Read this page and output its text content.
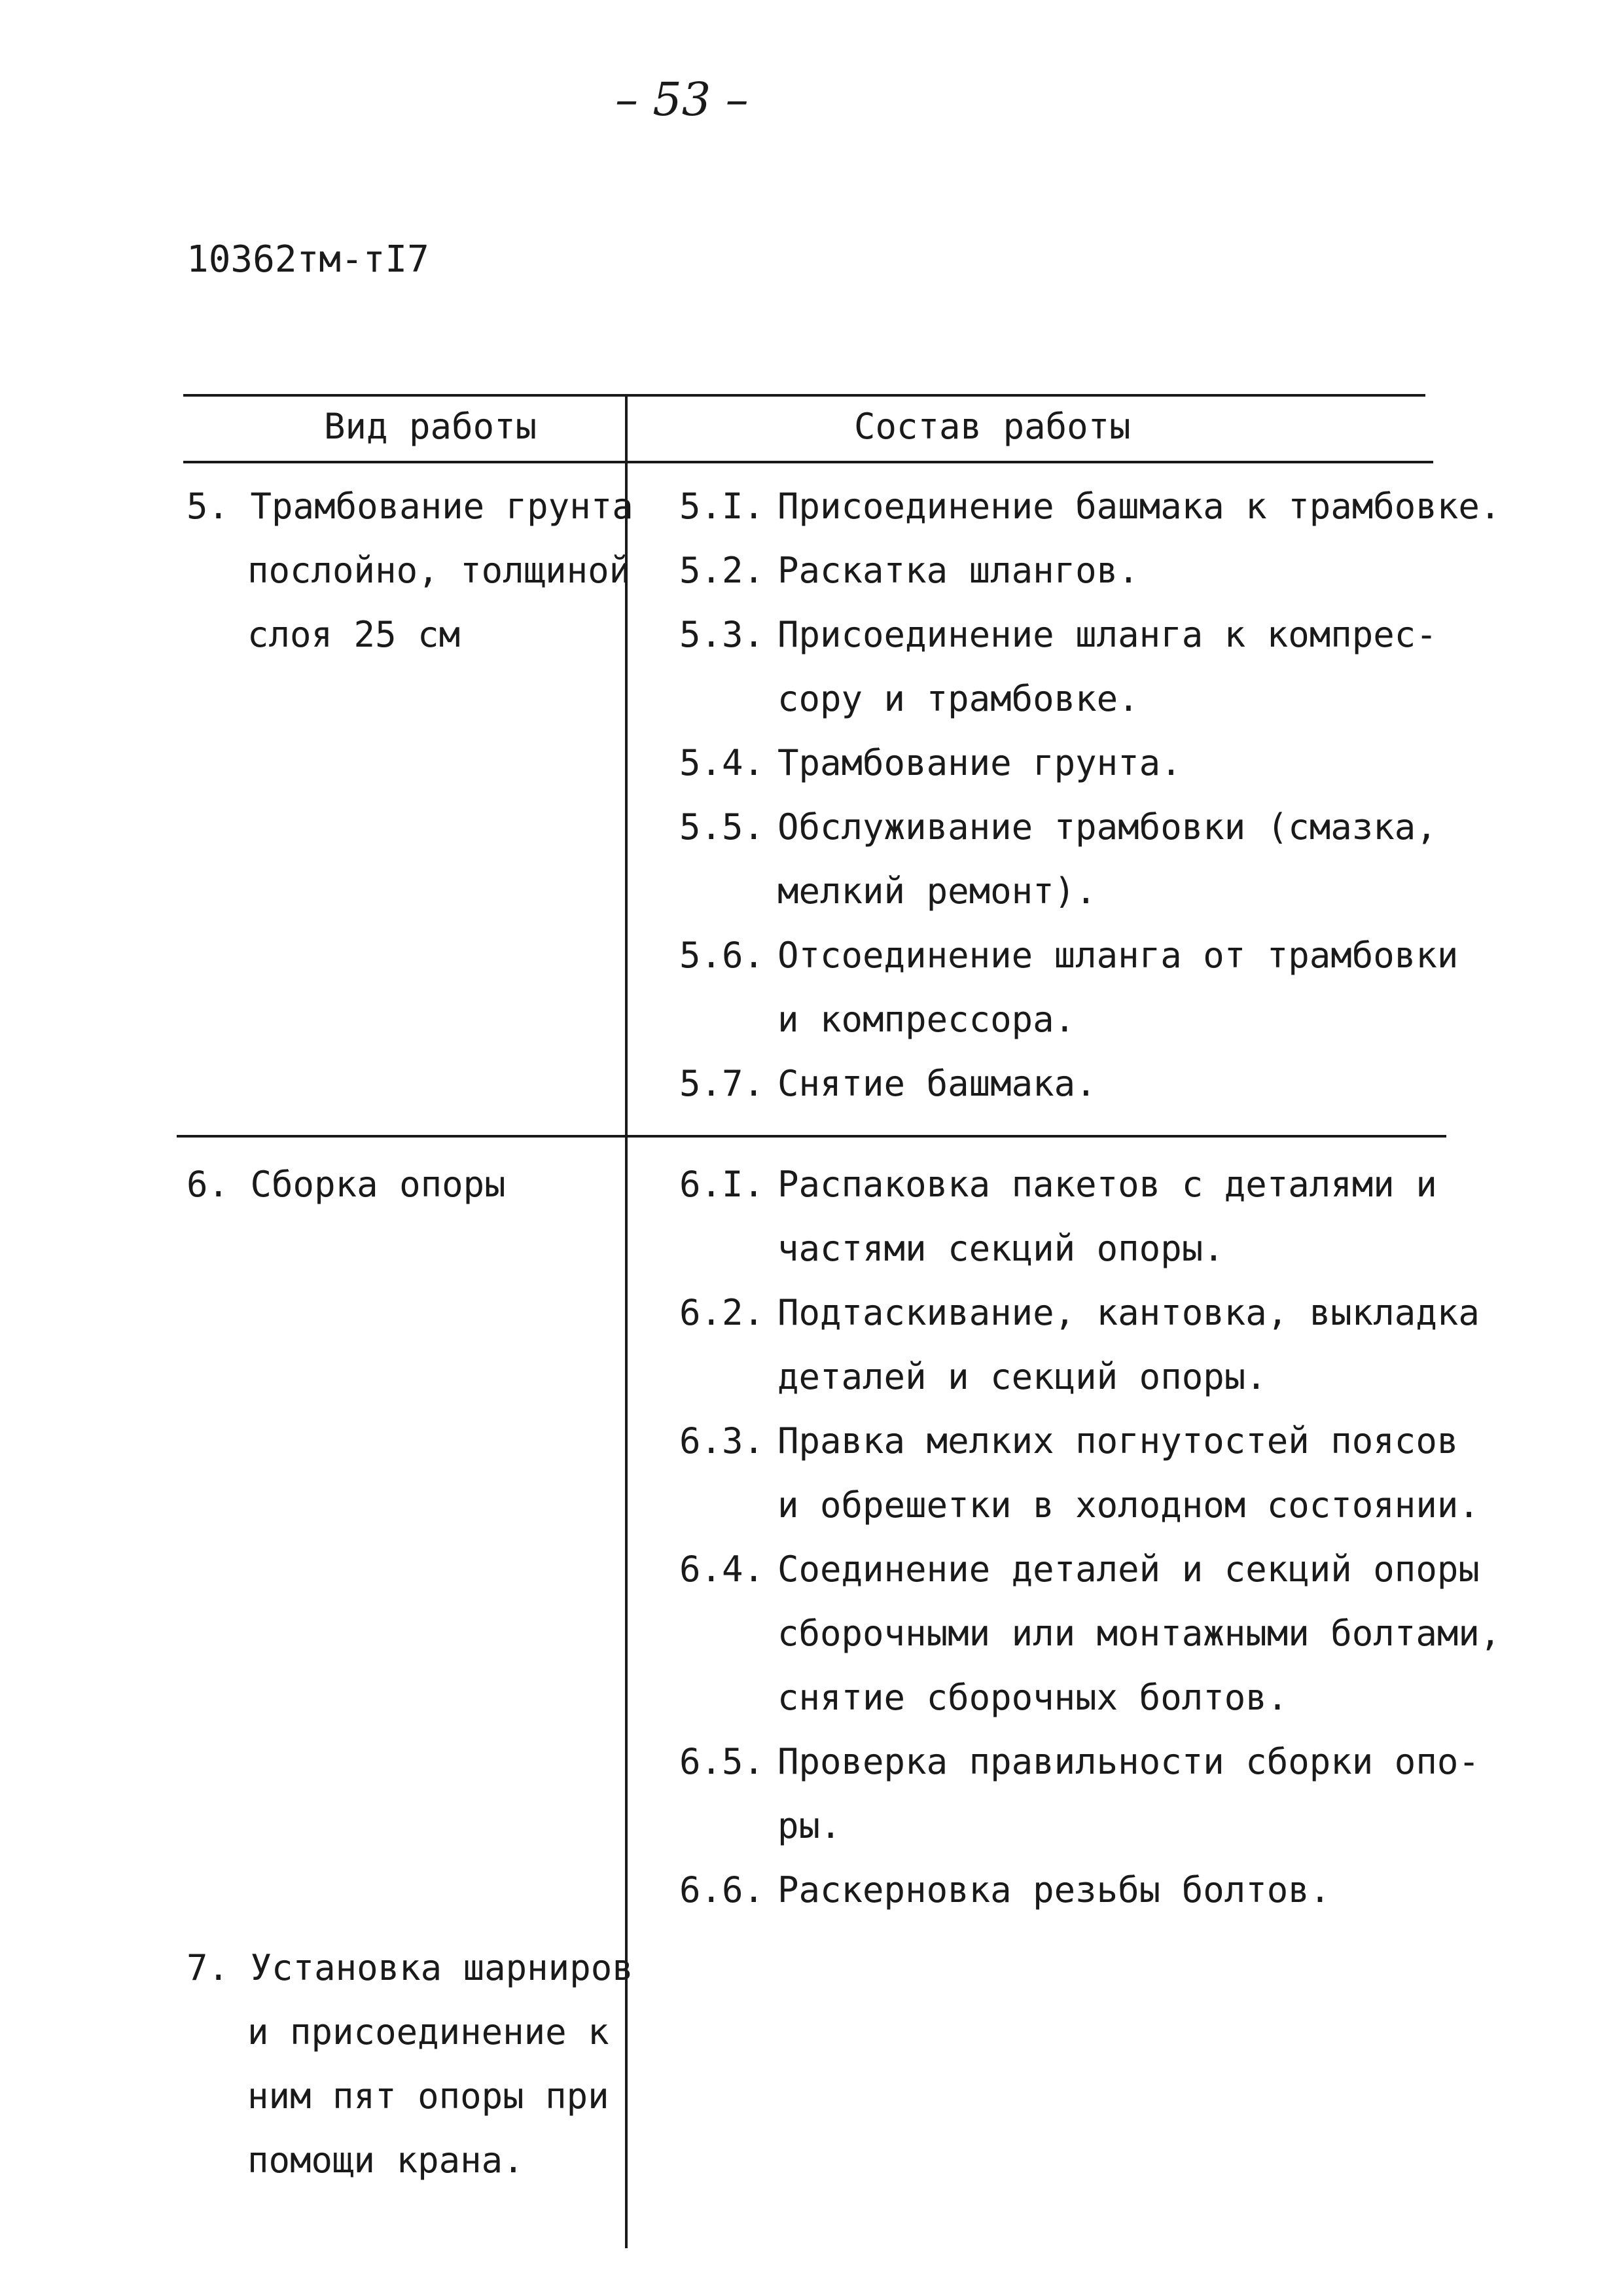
– 53 –
10362тм-тI7
Вид работы	Состав работы
5. Трамбование грунта
послойно, толщиной
слоя 25 см
5.I. Присоединение башмака к трамбовке.
5.2. Раскатка шлангов.
5.3. Присоединение шланга к компрес-
сору и трамбовке.
5.4. Трамбование грунта.
5.5. Обслуживание трамбовки (смазка,
мелкий ремонт).
5.6. Отсоединение шланга от трамбовки
и компрессора.
5.7. Снятие башмака.
6. Сборка опоры	6.I. Распаковка пакетов с деталями и
частями секций опоры.
6.2. Подтаскивание, кантовка, выкладка
деталей и секций опоры.
6.3. Правка мелких погнутостей поясов
и обрешетки в холодном состоянии.
6.4. Соединение деталей и секций опоры
сборочными или монтажными болтами,
снятие сборочных болтов.
6.5. Проверка правильности сборки опо-
ры.
6.6. Раскерновка резьбы болтов.
7. Установка шарниров
и присоединение к
ним пят опоры при
помощи крана.
